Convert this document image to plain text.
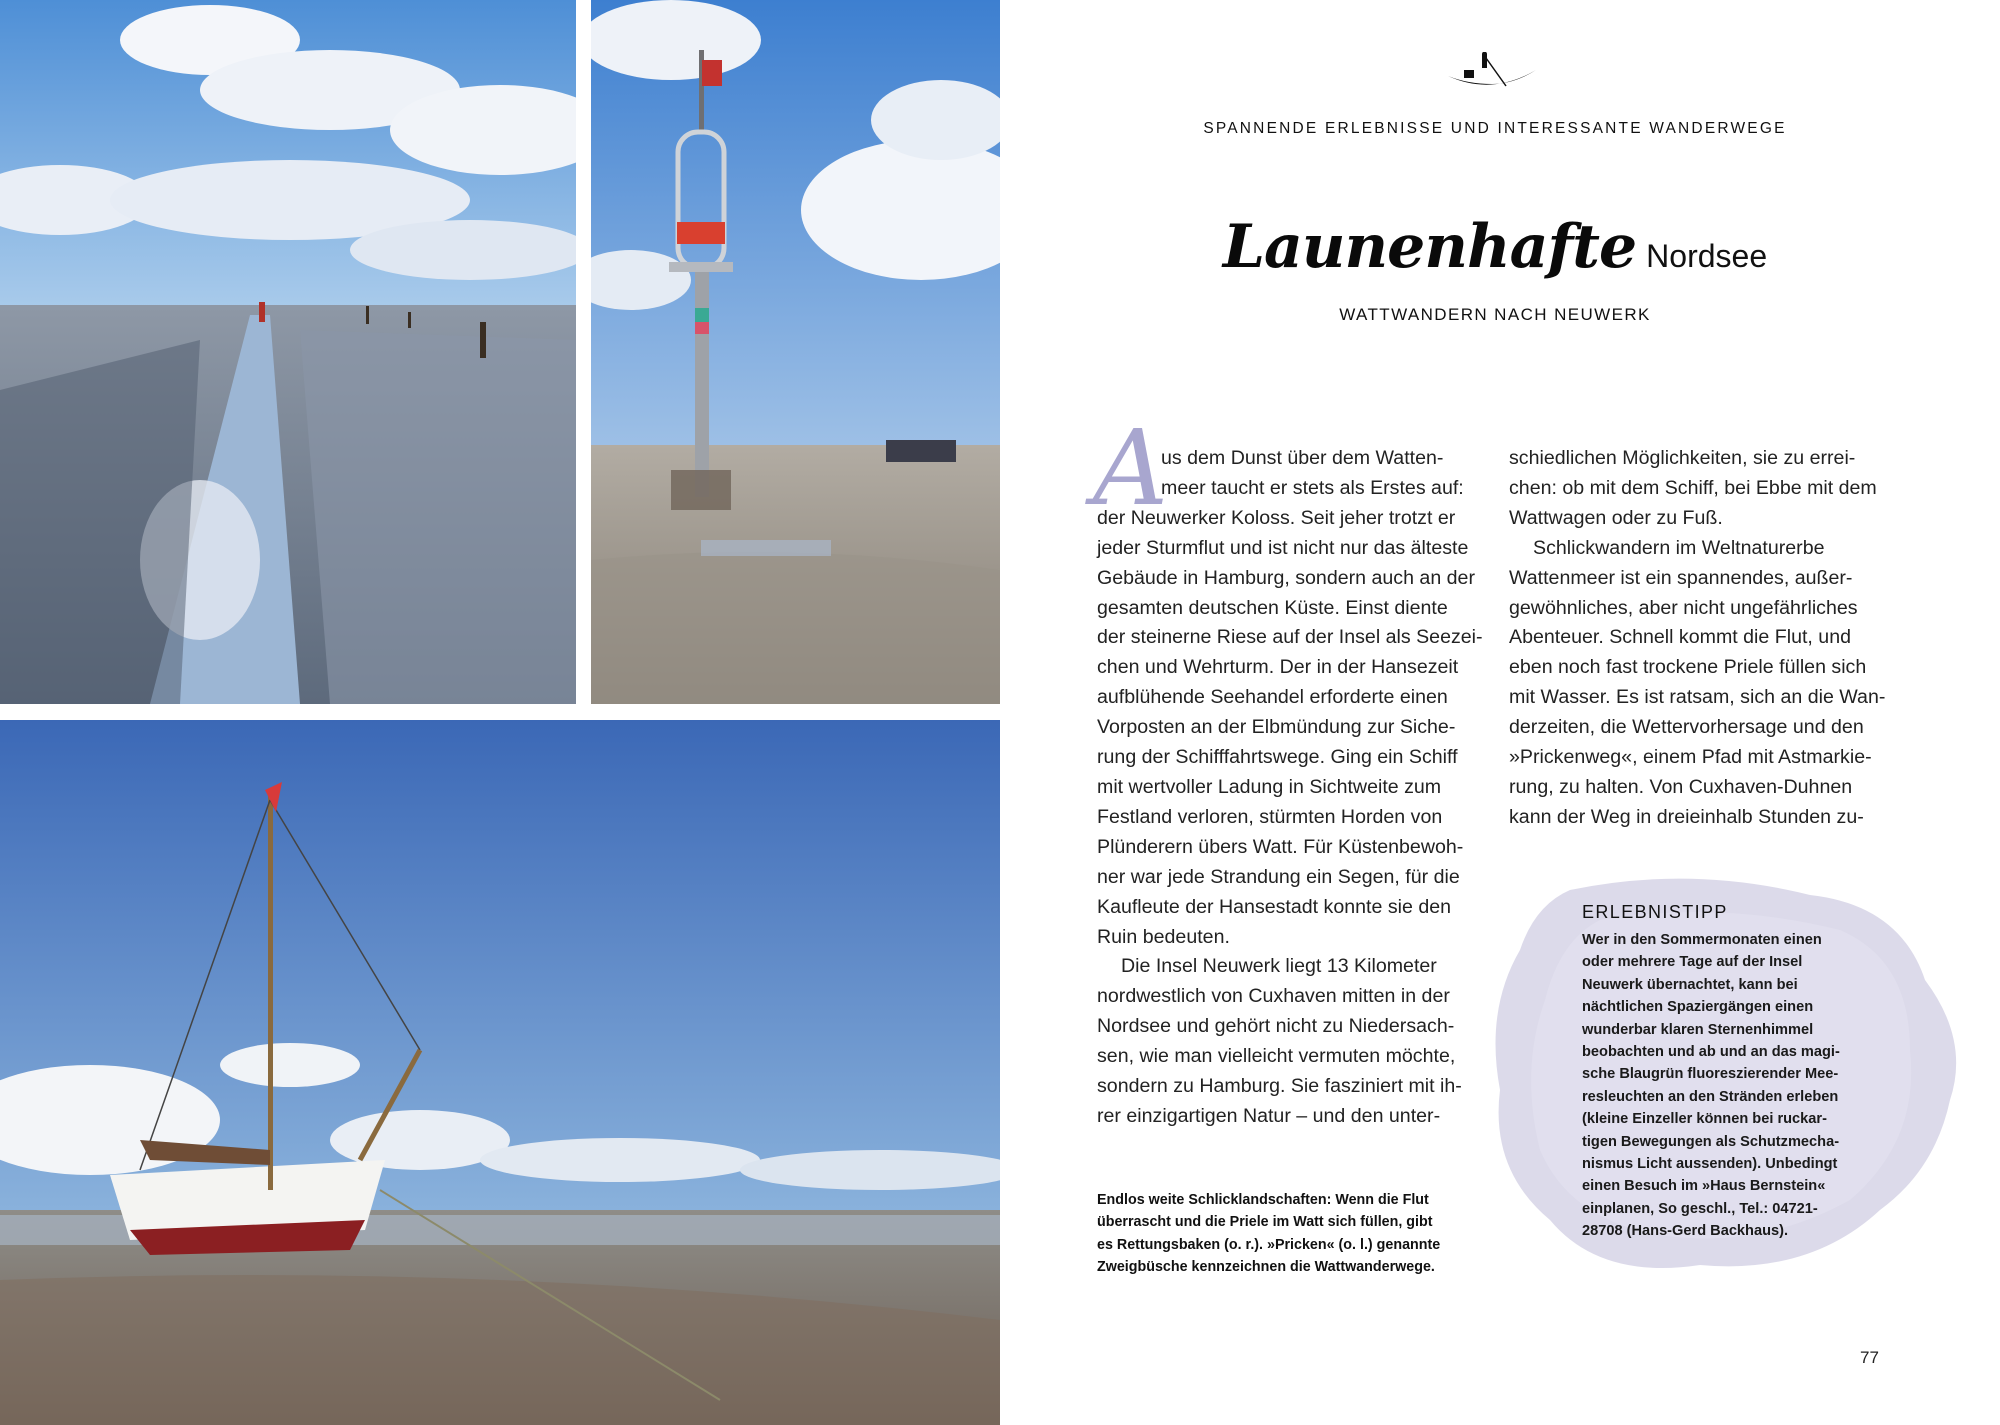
SPANNENDE ERLEBNISSE UND INTERESSANTE WANDERWEGE
Launenhafte Nordsee
WATTWANDERN NACH NEUWERK
A

us dem Dunst über dem Watten-

meer taucht er stets als Erstes auf:

der Neuwerker Koloss. Seit jeher trotzt er

jeder Sturmflut und ist nicht nur das älteste

Gebäude in Hamburg, sondern auch an der

gesamten deutschen Küste. Einst diente

der steinerne Riese auf der Insel als Seezei-

chen und Wehrturm. Der in der Hansezeit

aufblühende Seehandel erforderte einen

Vorposten an der Elbmündung zur Siche-

rung der Schifffahrtswege. Ging ein Schiff

mit wertvoller Ladung in Sichtweite zum

Festland verloren, stürmten Horden von

Plünderern übers Watt. Für Küstenbewoh-

ner war jede Strandung ein Segen, für die

Kaufleute der Hansestadt konnte sie den

Ruin bedeuten.

Die Insel Neuwerk liegt 13 Kilometer

nordwestlich von Cuxhaven mitten in der

Nordsee und gehört nicht zu Niedersach-

sen, wie man vielleicht vermuten möchte,

sondern zu Hamburg. Sie fasziniert mit ih-

rer einzigartigen Natur – und den unter-

schiedlichen Möglichkeiten, sie zu errei-

chen: ob mit dem Schiff, bei Ebbe mit dem

Wattwagen oder zu Fuß.

Schlickwandern im Weltnaturerbe

Wattenmeer ist ein spannendes, außer-

gewöhnliches, aber nicht ungefährliches

Abenteuer. Schnell kommt die Flut, und

eben noch fast trockene Priele füllen sich

mit Wasser. Es ist ratsam, sich an die Wan-

derzeiten, die Wettervorhersage und den

»Prickenweg«, einem Pfad mit Astmarkie-

rung, zu halten. Von Cuxhaven-Duhnen

kann der Weg in dreieinhalb Stunden zu-

Endlos weite Schlicklandschaften: Wenn die Flut

überrascht und die Priele im Watt sich füllen, gibt

es Rettungsbaken (o. r.). »Pricken« (o. l.) genannte

Zweigbüsche kennzeichnen die Wattwanderwege.

ERLEBNISTIPP

Wer in den Sommermonaten einen

oder mehrere Tage auf der Insel

Neuwerk übernachtet, kann bei

nächtlichen Spaziergängen einen

wunderbar klaren Sternenhimmel

beobachten und ab und an das magi-

sche Blaugrün fluoreszierender Mee-

resleuchten an den Stränden erleben

(kleine Einzeller können bei ruckar-

tigen Bewegungen als Schutzmecha-

nismus Licht aussenden). Unbedingt

einen Besuch im »Haus Bernstein«

einplanen, So geschl., Tel.: 04721-

28708 (Hans-Gerd Backhaus).

77
